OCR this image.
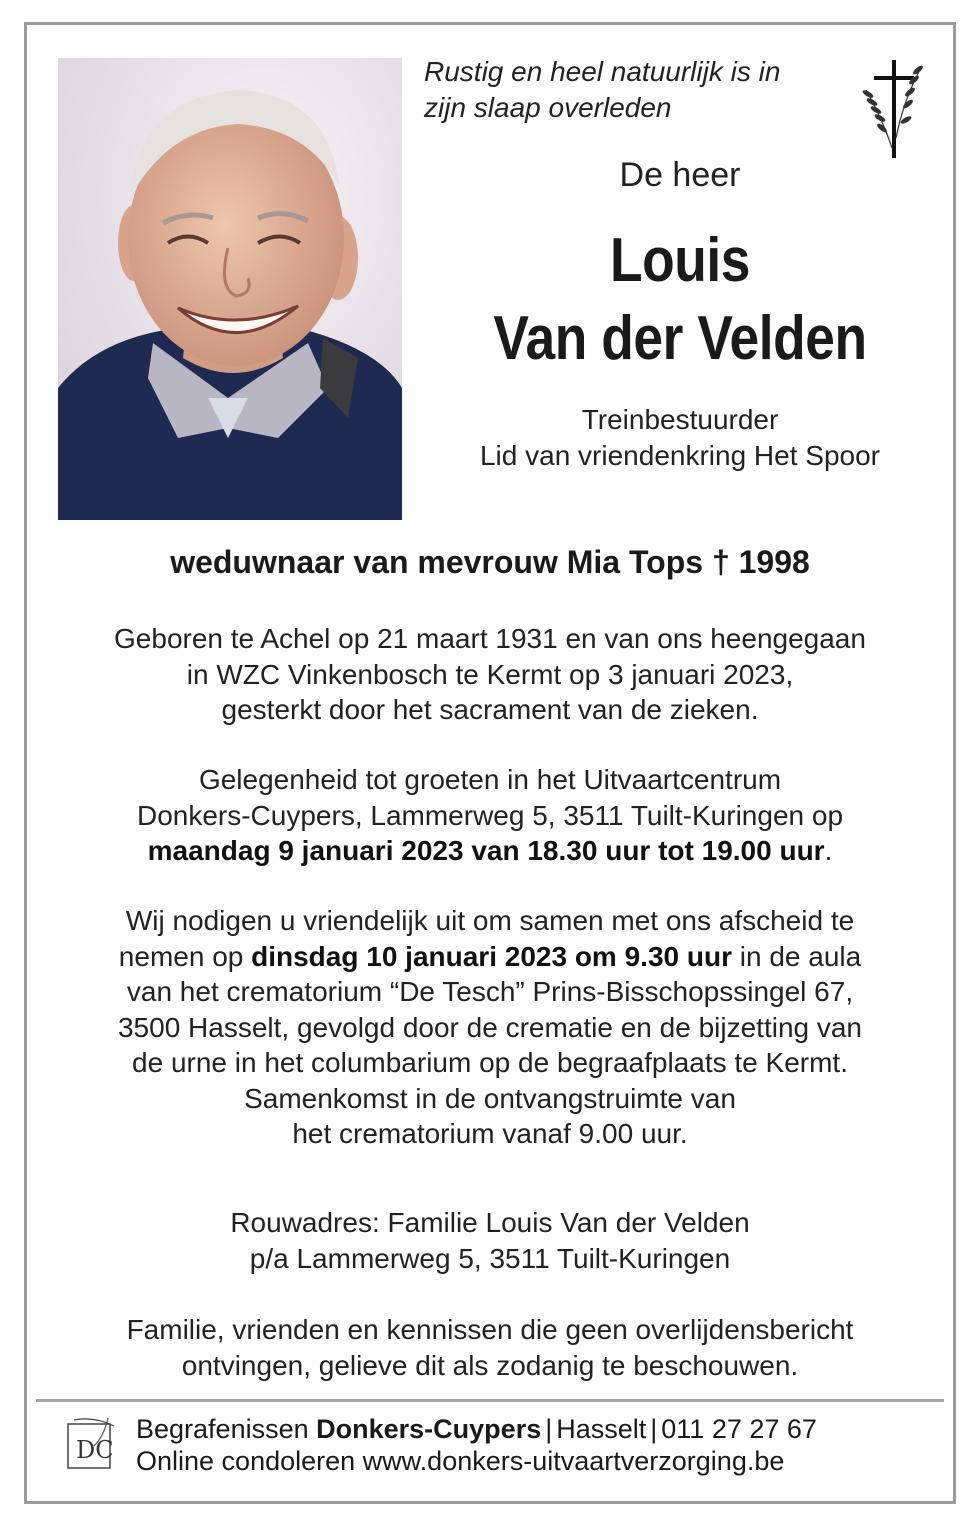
Rustig en heel natuurlijk is in
zijn slaap overleden
De heer
Louis
Van der Velden
Treinbestuurder
Lid van vriendenkring Het Spoor
weduwnaar van mevrouw Mia Tops † 1998
Geboren te Achel op 21 maart 1931 en van ons heengegaan
in WZC Vinkenbosch te Kermt op 3 januari 2023,
gesterkt door het sacrament van de zieken.
Gelegenheid tot groeten in het Uitvaartcentrum
Donkers-Cuypers, Lammerweg 5, 3511 Tuilt-Kuringen op
maandag 9 januari 2023 van 18.30 uur tot 19.00 uur.
Wij nodigen u vriendelijk uit om samen met ons afscheid te
nemen op dinsdag 10 januari 2023 om 9.30 uur in de aula
van het crematorium “De Tesch” Prins-Bisschopssingel 67,
3500 Hasselt, gevolgd door de crematie en de bijzetting van
de urne in het columbarium op de begraafplaats te Kermt.
Samenkomst in de ontvangstruimte van
het crematorium vanaf 9.00 uur.
Rouwadres: Familie Louis Van der Velden
p/a Lammerweg 5, 3511 Tuilt-Kuringen
Familie, vrienden en kennissen die geen overlijdensbericht
ontvingen, gelieve dit als zodanig te beschouwen.
DC
Begrafenissen Donkers-Cuypers | Hasselt | 011 27 27 67
Online condoleren www.donkers-uitvaartverzorging.be
